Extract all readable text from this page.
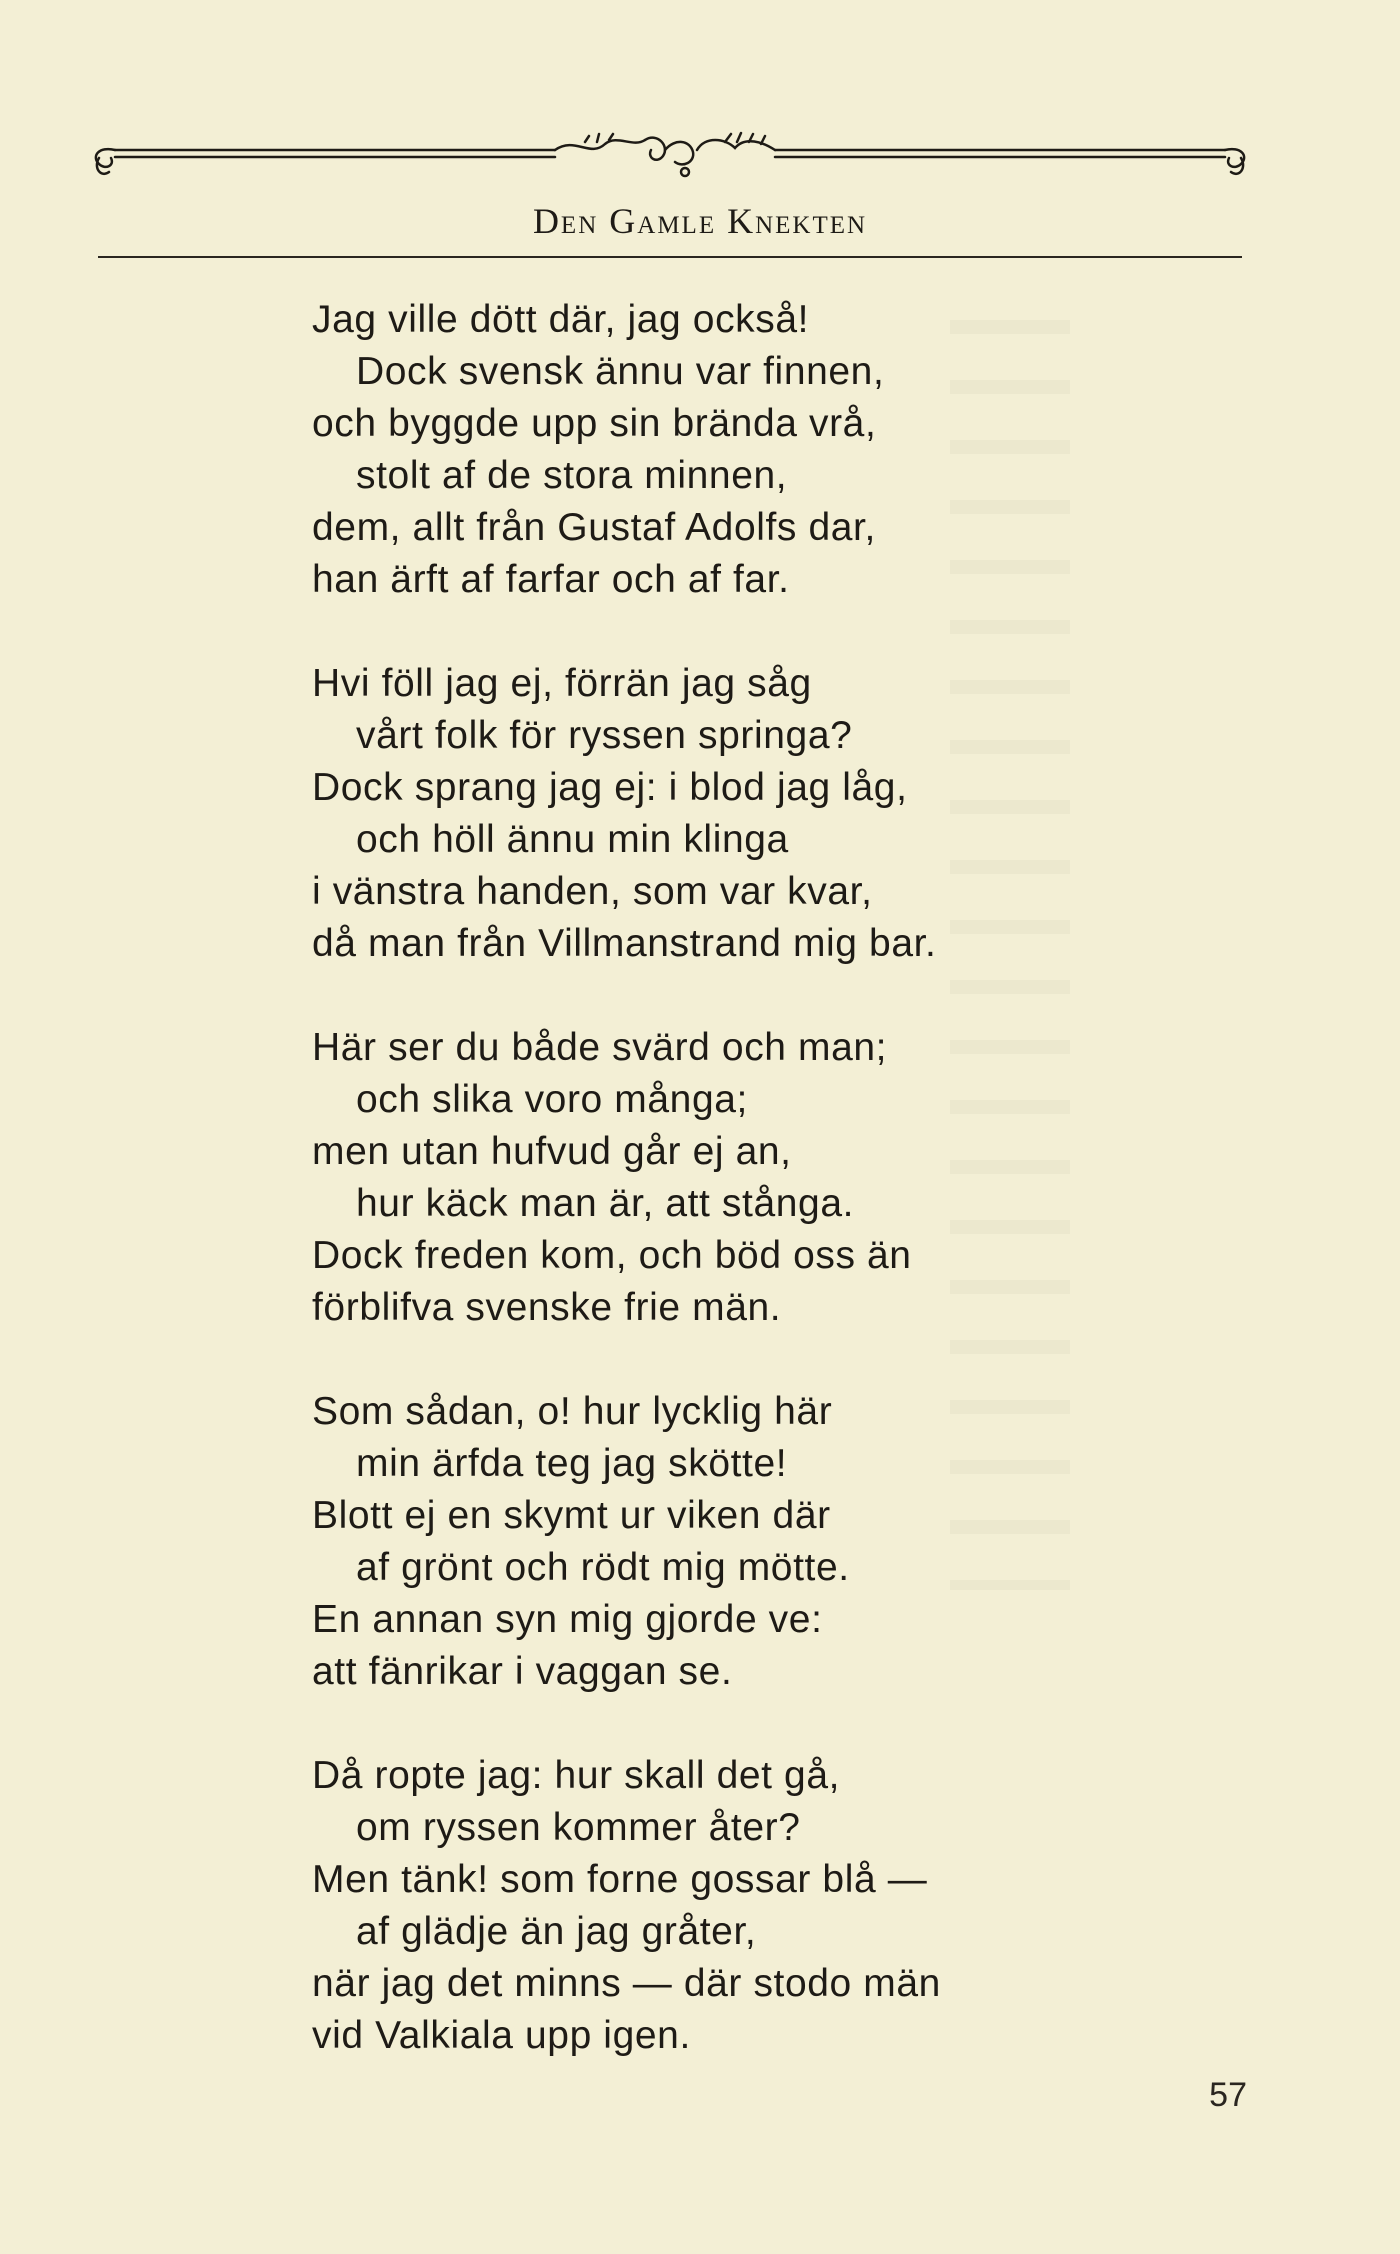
Den Gamle Knekten
Jag ville dött där, jag också!
Dock svensk ännu var finnen,
och byggde upp sin brända vrå,
stolt af de stora minnen,
dem, allt från Gustaf Adolfs dar,
han ärft af farfar och af far.
Hvi föll jag ej, förrän jag såg
vårt folk för ryssen springa?
Dock sprang jag ej: i blod jag låg,
och höll ännu min klinga
i vänstra handen, som var kvar,
då man från Villmanstrand mig bar.
Här ser du både svärd och man;
och slika voro många;
men utan hufvud går ej an,
hur käck man är, att stånga.
Dock freden kom, och böd oss än
förblifva svenske frie män.
Som sådan, o! hur lycklig här
min ärfda teg jag skötte!
Blott ej en skymt ur viken där
af grönt och rödt mig mötte.
En annan syn mig gjorde ve:
att fänrikar i vaggan se.
Då ropte jag: hur skall det gå,
om ryssen kommer åter?
Men tänk! som forne gossar blå —
af glädje än jag gråter,
när jag det minns — där stodo män
vid Valkiala upp igen.
57
